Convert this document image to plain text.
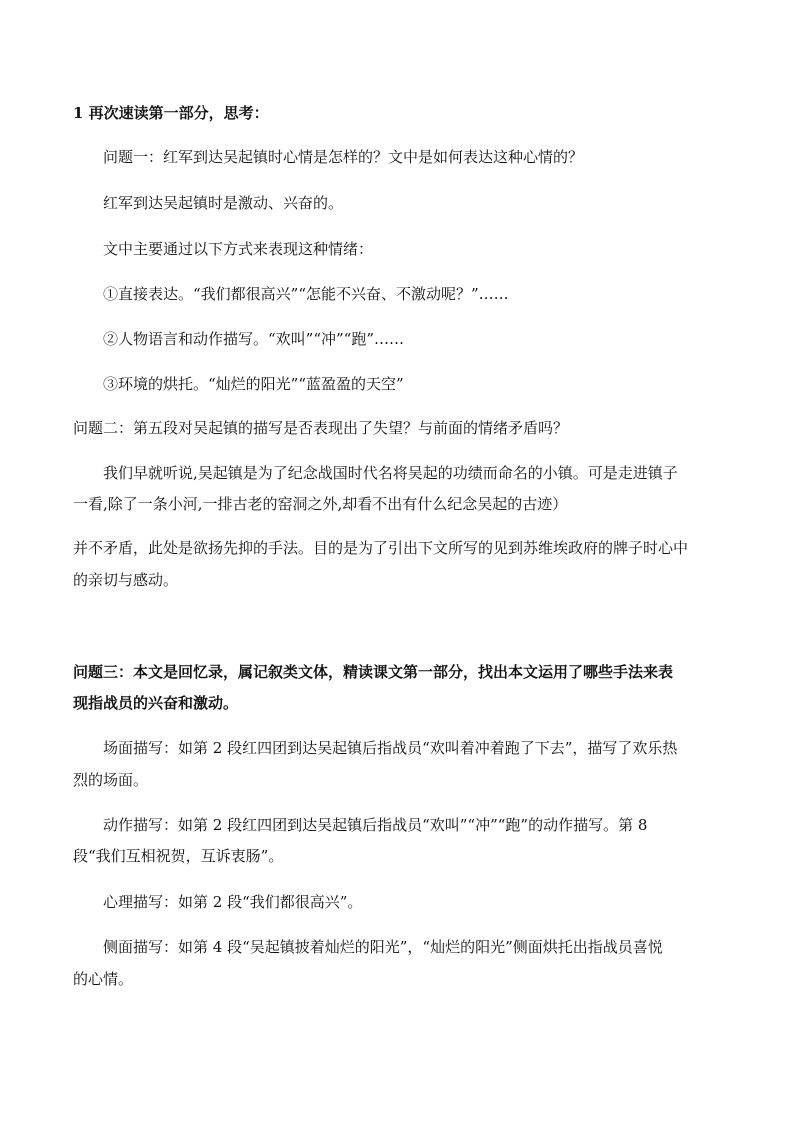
1 再次速读第一部分，思考：
问题一：红军到达吴起镇时心情是怎样的？文中是如何表达这种心情的？
红军到达吴起镇时是激动、兴奋的。
文中主要通过以下方式来表现这种情绪：
①直接表达。“我们都很高兴”“怎能不兴奋、不激动呢？”……
②人物语言和动作描写。“欢叫”“冲”“跑”……
③环境的烘托。“灿烂的阳光”“蓝盈盈的天空”
问题二：第五段对吴起镇的描写是否表现出了失望？与前面的情绪矛盾吗？
我们早就听说,吴起镇是为了纪念战国时代名将吴起的功绩而命名的小镇。可是走进镇子
一看,除了一条小河,一排古老的窑洞之外,却看不出有什么纪念吴起的古迹）
并不矛盾，此处是欲扬先抑的手法。目的是为了引出下文所写的见到苏维埃政府的牌子时心中
的亲切与感动。
问题三：本文是回忆录，属记叙类文体，精读课文第一部分，找出本文运用了哪些手法来表
现指战员的兴奋和激动。
场面描写：如第 2 段红四团到达吴起镇后指战员“欢叫着冲着跑了下去”，描写了欢乐热
烈的场面。
动作描写：如第 2 段红四团到达吴起镇后指战员“欢叫”“冲”“跑”的动作描写。第 8
段“我们互相祝贺，互诉衷肠”。
心理描写：如第 2 段“我们都很高兴”。
侧面描写：如第 4 段“吴起镇披着灿烂的阳光”，“灿烂的阳光”侧面烘托出指战员喜悦
的心情。
